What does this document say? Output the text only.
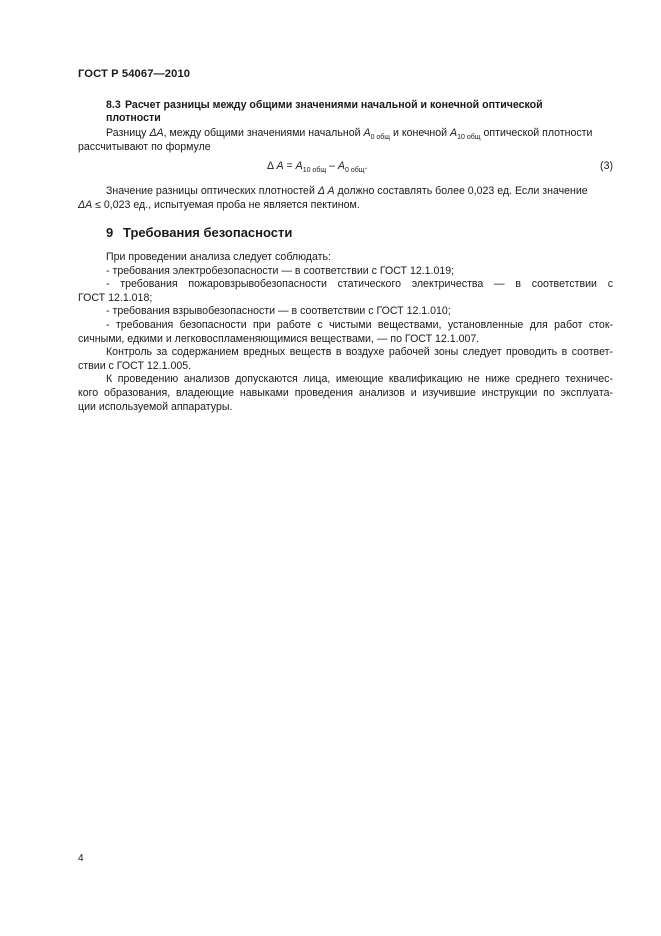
ГОСТ Р 54067—2010
8.3 Расчет разницы между общими значениями начальной и конечной оптической
плотности
Разницу ΔA, между общими значениями начальной $A_{0 общ}$ и конечной $A_{10 общ}$ оптической плотности
рассчитывают по формуле
Δ $A = A_{10 общ} - A_{0 общ}$.	(3)
Значение разницы оптических плотностей Δ A должно составлять более 0,023 ед. Если значение
ΔA ≤ 0,023 ед., испытуемая проба не является пектином.
9 Требования безопасности
При проведении анализа следует соблюдать:
- требования электробезопасности — в соответствии с ГОСТ 12.1.019;
- требования пожаровзрывобезопасности статического электричества — в соответствии с
ГОСТ 12.1.018;
- требования взрывобезопасности — в соответствии с ГОСТ 12.1.010;
- требования безопасности при работе с чистыми веществами, установленные для работ сток-
сичными, едкими и легковоспламеняющимися веществами, — по ГОСТ 12.1.007.
Контроль за содержанием вредных веществ в воздухе рабочей зоны следует проводить в соответ-
ствии с ГОСТ 12.1.005.
К проведению анализов допускаются лица, имеющие квалификацию не ниже среднего техничес-
кого образования, владеющие навыками проведения анализов и изучившие инструкции по эксплуата-
ции используемой аппаратуры.
4
